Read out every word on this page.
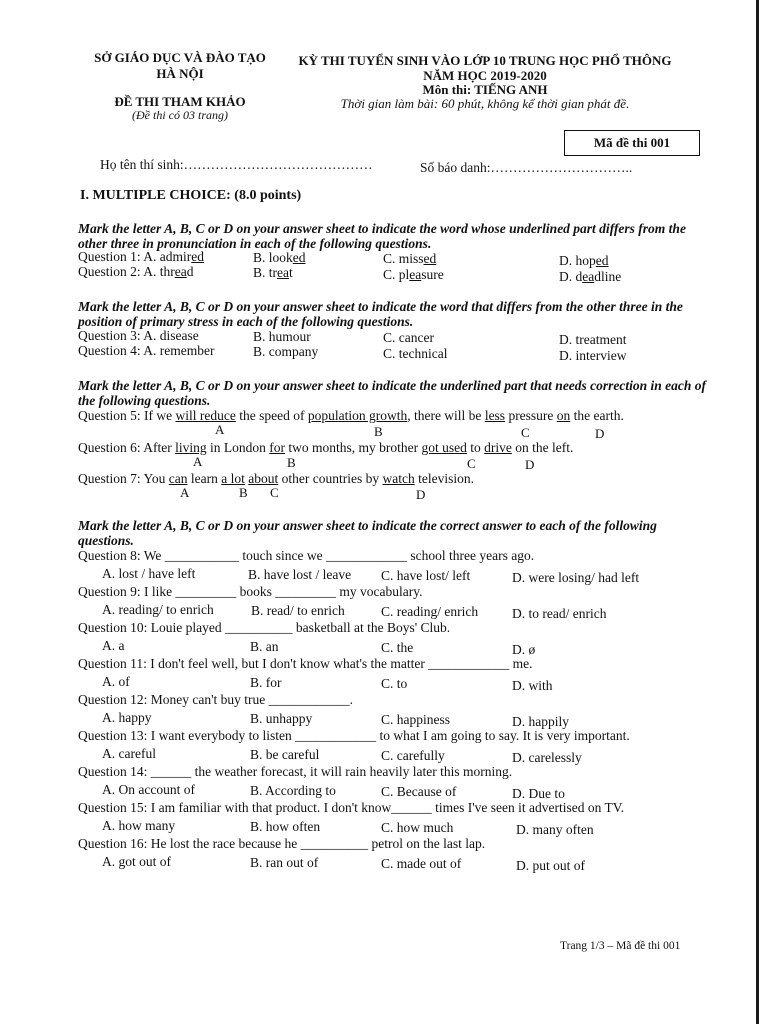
SỞ GIÁO DỤC VÀ ĐÀO TẠO
HÀ NỘI
ĐỀ THI THAM KHẢO
(Đề thi có 03 trang)
KỲ THI TUYỂN SINH VÀO LỚP 10 TRUNG HỌC PHỔ THÔNG
NĂM HỌC 2019-2020
Môn thi: TIẾNG ANH
Thời gian làm bài: 60 phút, không kể thời gian phát đề.
Mã đề thi 001
Họ tên thí sinh:……………………………………	Số báo danh:…………………………..
I. MULTIPLE CHOICE: (8.0 points)
Mark the letter A, B, C or D on your answer sheet to indicate the word whose underlined part differs from the other three in pronunciation in each of the following questions.
Question 1: A. admired	B. looked	C. missed	D. hoped
Question 2: A. thread	B. treat	C. pleasure	D. deadline
Mark the letter A, B, C or D on your answer sheet to indicate the word that differs from the other three in the position of primary stress in each of the following questions.
Question 3: A. disease	B. humour	C. cancer	D. treatment
Question 4: A. remember	B. company	C. technical	D. interview
Mark the letter A, B, C or D on your answer sheet to indicate the underlined part that needs correction in each of the following questions.
Question 5: If we will reduce the speed of population growth, there will be less pressure on the earth.
A	B	C	D
Question 6: After living in London for two months, my brother got used to drive on the left.
A	B	C	D
Question 7: You can learn a lot about other countries by watch television.
A	B C	D
Mark the letter A, B, C or D on your answer sheet to indicate the correct answer to each of the following questions.
Question 8: We ___________ touch since we ____________ school three years ago.
A. lost / have left	B. have lost / leave C. have lost/ left	D. were losing/ had left
Question 9: I like _________ books _________ my vocabulary.
A. reading/ to enrich	B. read/ to enrich	C. reading/ enrich	D. to read/ enrich
Question 10: Louie played __________ basketball at the Boys' Club.
A. a	B. an	C. the	D. ø
Question 11: I don't feel well, but I don't know what's the matter ____________ me.
A. of	B. for	C. to	D. with
Question 12: Money can't buy true ____________.
A. happy	B. unhappy	C. happiness	D. happily
Question 13: I want everybody to listen ____________ to what I am going to say. It is very important.
A. careful	B. be careful	C. carefully	D. carelessly
Question 14: ______ the weather forecast, it will rain heavily later this morning.
A. On account of	B. According to	C. Because of	D. Due to
Question 15: I am familiar with that product. I don't know______ times I've seen it advertised on TV.
A. how many	B. how often	C. how much	D. many often
Question 16: He lost the race because he __________ petrol on the last lap.
A. got out of	B. ran out of	C. made out of	D. put out of
Trang 1/3 – Mã đề thi 001
